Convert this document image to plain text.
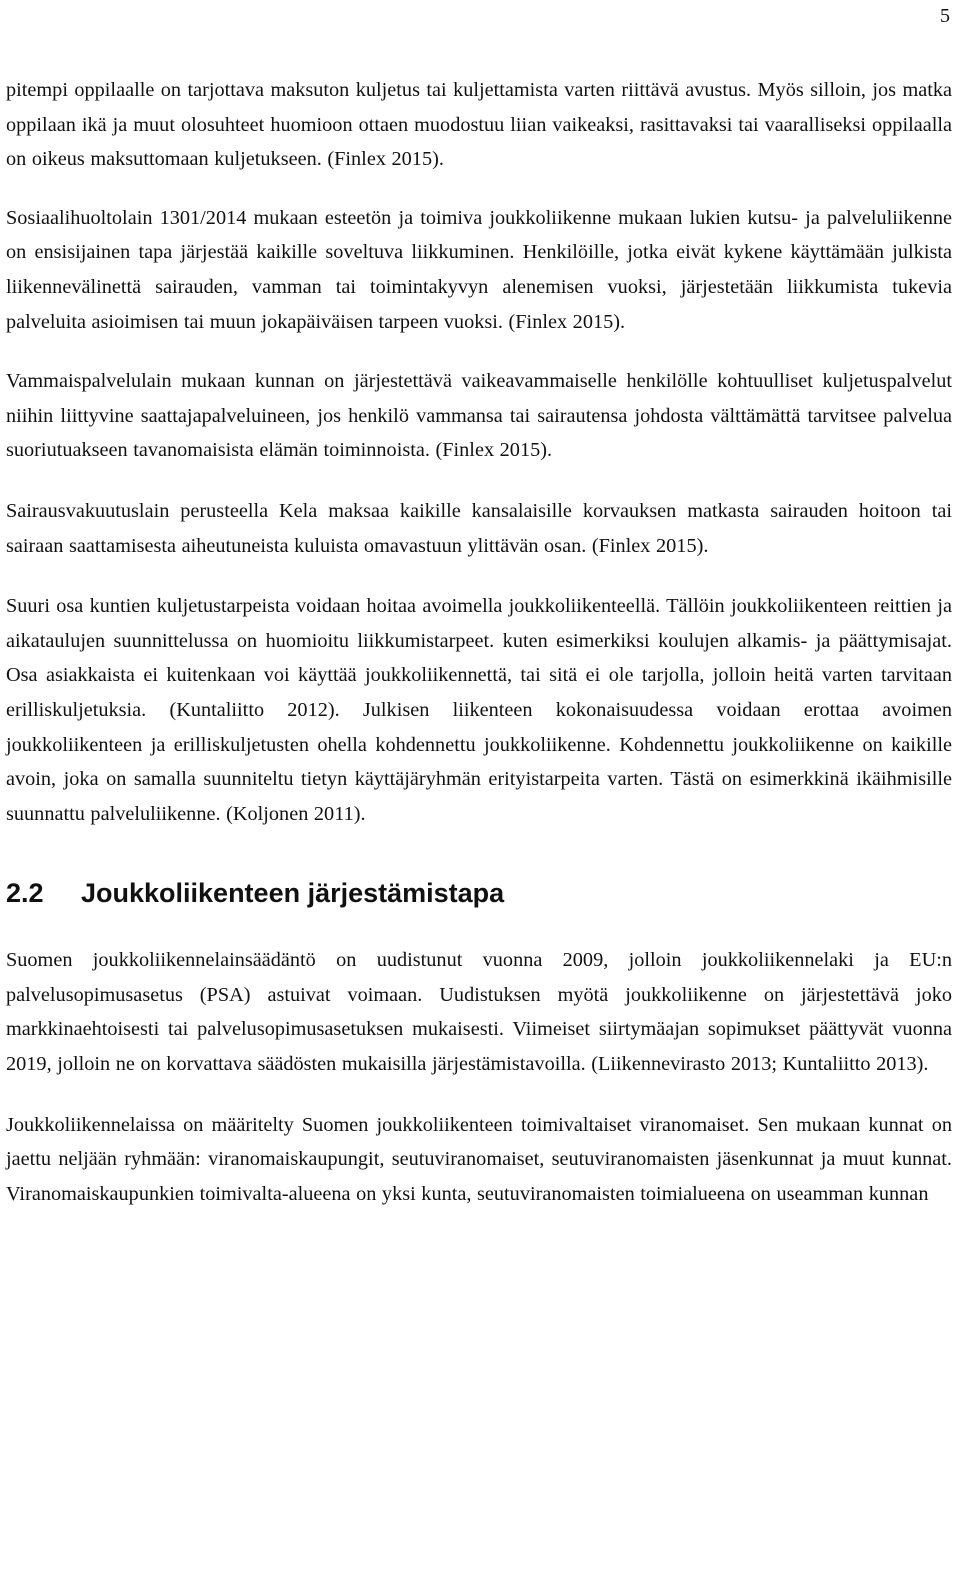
5

pitempi oppilaalle on tarjottava maksuton kuljetus tai kuljettamista varten riittävä avustus. Myös silloin, jos matka oppilaan ikä ja muut olosuhteet huomioon ottaen muodostuu liian vaikeaksi, rasittavaksi tai vaaralliseksi oppilaalla on oikeus maksuttomaan kuljetukseen. (Finlex 2015).

Sosiaalihuoltolain 1301/2014 mukaan esteetön ja toimiva joukkoliikenne mukaan lukien kutsu- ja palveluliikenne on ensisijainen tapa järjestää kaikille soveltuva liikkuminen. Henkilöille, jotka eivät kykene käyttämään julkista liikennevälinettä sairauden, vamman tai toimintakyvyn alenemisen vuoksi, järjestetään liikkumista tukevia palveluita asioimisen tai muun jokapäiväisen tarpeen vuoksi. (Finlex 2015).

Vammaispalvelulain mukaan kunnan on järjestettävä vaikeavammaiselle henkilölle kohtuulliset kuljetuspalvelut niihin liittyvine saattajapalveluineen, jos henkilö vammansa tai sairautensa johdosta välttämättä tarvitsee palvelua suoriutuakseen tavanomaisista elämän toiminnoista. (Finlex 2015).

Sairausvakuutuslain perusteella Kela maksaa kaikille kansalaisille korvauksen matkasta sairauden hoitoon tai sairaan saattamisesta aiheutuneista kuluista omavastuun ylittävän osan. (Finlex 2015).

Suuri osa kuntien kuljetustarpeista voidaan hoitaa avoimella joukkoliikenteellä. Tällöin joukkoliikenteen reittien ja aikataulujen suunnittelussa on huomioitu liikkumistarpeet. kuten esimerkiksi koulujen alkamis- ja päättymisajat. Osa asiakkaista ei kuitenkaan voi käyttää joukkoliikennettä, tai sitä ei ole tarjolla, jolloin heitä varten tarvitaan erilliskuljetuksia. (Kuntaliitto 2012). Julkisen liikenteen kokonaisuudessa voidaan erottaa avoimen joukkoliikenteen ja erilliskuljetusten ohella kohdennettu joukkoliikenne. Kohdennettu joukkoliikenne on kaikille avoin, joka on samalla suunniteltu tietyn käyttäjäryhmän erityistarpeita varten. Tästä on esimerkkinä ikäihmisille suunnattu palveluliikenne. (Koljonen 2011).

2.2	Joukkoliikenteen järjestämistapa

Suomen joukkoliikennelainsäädäntö on uudistunut vuonna 2009, jolloin joukkoliikennelaki ja EU:n palvelusopimusasetus (PSA) astuivat voimaan. Uudistuksen myötä joukkoliikenne on järjestettävä joko markkinaehtoisesti tai palvelusopimusasetuksen mukaisesti. Viimeiset siirtymäajan sopimukset päättyvät vuonna 2019, jolloin ne on korvattava säädösten mukaisilla järjestämistavoilla. (Liikennevirasto 2013; Kuntaliitto 2013).

Joukkoliikennelaissa on määritelty Suomen joukkoliikenteen toimivaltaiset viranomaiset. Sen mukaan kunnat on jaettu neljään ryhmään: viranomaiskaupungit, seutuviranomaiset, seutuviranomaisten jäsenkunnat ja muut kunnat. Viranomaiskaupunkien toimivalta-alueena on yksi kunta, seutuviranomaisten toimialueena on useamman kunnan
